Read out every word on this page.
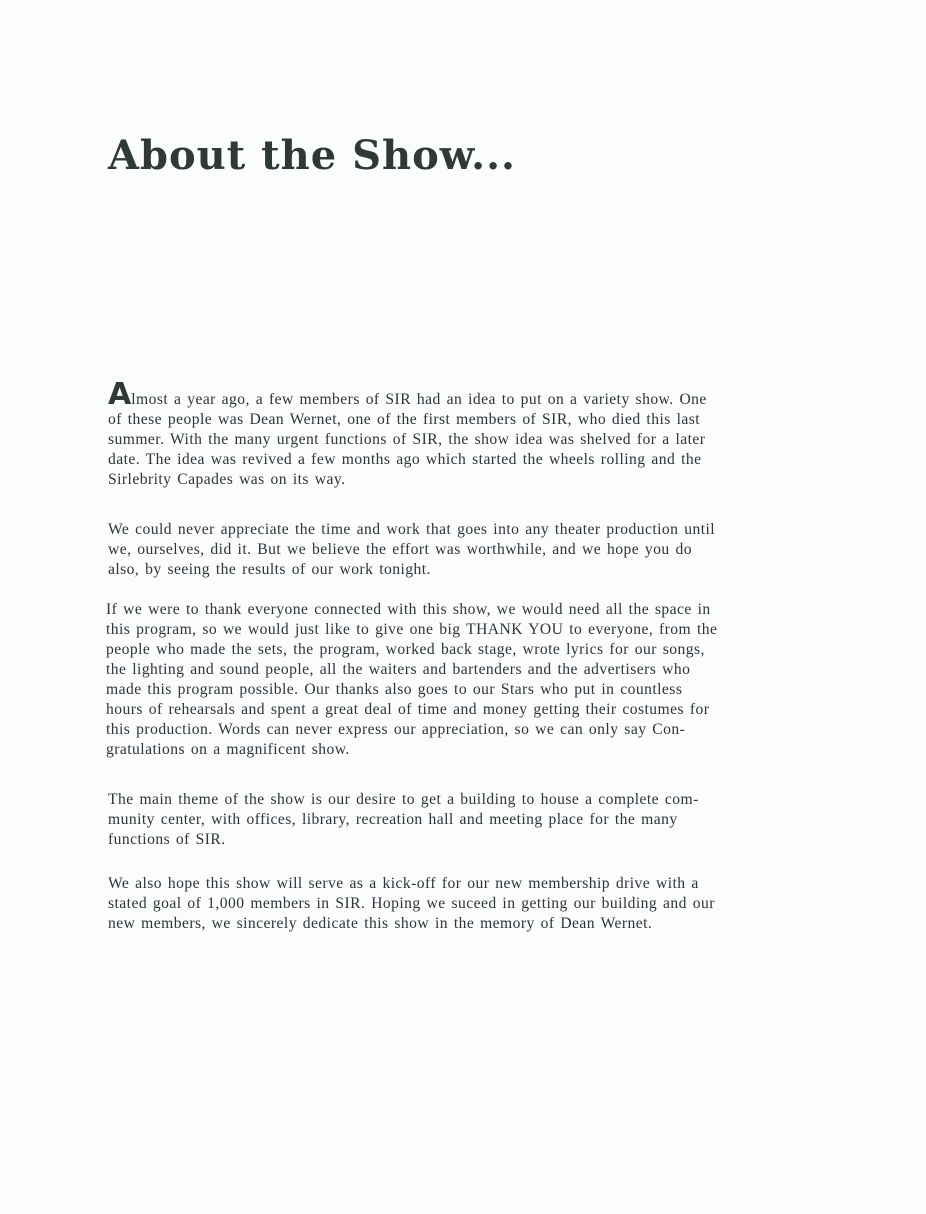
About the Show...
Almost a year ago, a few members of SIR had an idea to put on a variety show. One
of these people was Dean Wernet, one of the first members of SIR, who died this last
summer. With the many urgent functions of SIR, the show idea was shelved for a later
date. The idea was revived a few months ago which started the wheels rolling and the
Sirlebrity Capades was on its way.
We could never appreciate the time and work that goes into any theater production until
we, ourselves, did it. But we believe the effort was worthwhile, and we hope you do
also, by seeing the results of our work tonight.
If we were to thank everyone connected with this show, we would need all the space in
this program, so we would just like to give one big THANK YOU to everyone, from the
people who made the sets, the program, worked back stage, wrote lyrics for our songs,
the lighting and sound people, all the waiters and bartenders and the advertisers who
made this program possible. Our thanks also goes to our Stars who put in countless
hours of rehearsals and spent a great deal of time and money getting their costumes for
this production. Words can never express our appreciation, so we can only say Con-
gratulations on a magnificent show.
The main theme of the show is our desire to get a building to house a complete com-
munity center, with offices, library, recreation hall and meeting place for the many
functions of SIR.
We also hope this show will serve as a kick-off for our new membership drive with a
stated goal of 1,000 members in SIR. Hoping we suceed in getting our building and our
new members, we sincerely dedicate this show in the memory of Dean Wernet.
